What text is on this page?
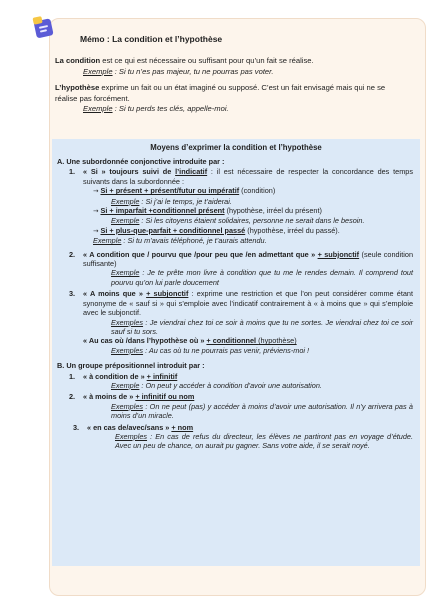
Mémo : La condition et l’hypothèse

La condition est ce qui est nécessaire ou suffisant pour qu’un fait se réalise.
Exemple : Si tu n’es pas majeur, tu ne pourras pas voter.

L’hypothèse exprime un fait ou un état imaginé ou supposé. C’est un fait envisagé mais qui ne se réalise pas forcément.
Exemple : Si tu perds tes clés, appelle-moi.

Moyens d’exprimer la condition et l’hypothèse

A. Une subordonnée conjonctive introduite par :

1. « Si » toujours suivi de l’indicatif : il est nécessaire de respecter la concordance des temps suivants dans la subordonnée :
→ Si + présent + présent/futur ou impératif (condition)
Exemple : Si j’ai le temps, je t’aiderai.
→ Si + imparfait +conditionnel présent (hypothèse, irréel du présent)
Exemple : Si les citoyens étaient solidaires, personne ne serait dans le besoin.
→ Si + plus-que-parfait + conditionnel passé (hypothèse, irréel du passé).
Exemple : Si tu m’avais téléphoné, je t’aurais attendu.
2. « A condition que / pourvu que /pour peu que /en admettant que » + subjonctif (seule condition suffisante)
Exemple : Je te prête mon livre à condition que tu me le rendes demain. Il comprend tout pourvu qu’on lui parle doucement
3. « A moins que » + subjonctif : exprime une restriction et que l’on peut considérer comme étant synonyme de « sauf si » qui s’emploie avec l’indicatif contrairement à « à moins que » qui s’emploie avec le subjonctif.
Exemples : Je viendrai chez toi ce soir à moins que tu ne sortes. Je viendrai chez toi ce soir sauf si tu sors.
« Au cas où /dans l’hypothèse où » + conditionnel (hypothèse)
Exemples : Au cas où tu ne pourrais pas venir, préviens-moi !

B. Un groupe prépositionnel introduit par :

1. « à condition de » + infinitif
Exemple : On peut y accéder à condition d’avoir une autorisation.
2. « à moins de » + infinitif ou nom
Exemples : On ne peut (pas) y accéder à moins d’avoir une autorisation. Il n’y arrivera pas à moins d’un miracle.
3. « en cas de/avec/sans » + nom
Exemples : En cas de refus du directeur, les élèves ne partiront pas en voyage d’étude. Avec un peu de chance, on aurait pu gagner. Sans votre aide, il se serait noyé.
